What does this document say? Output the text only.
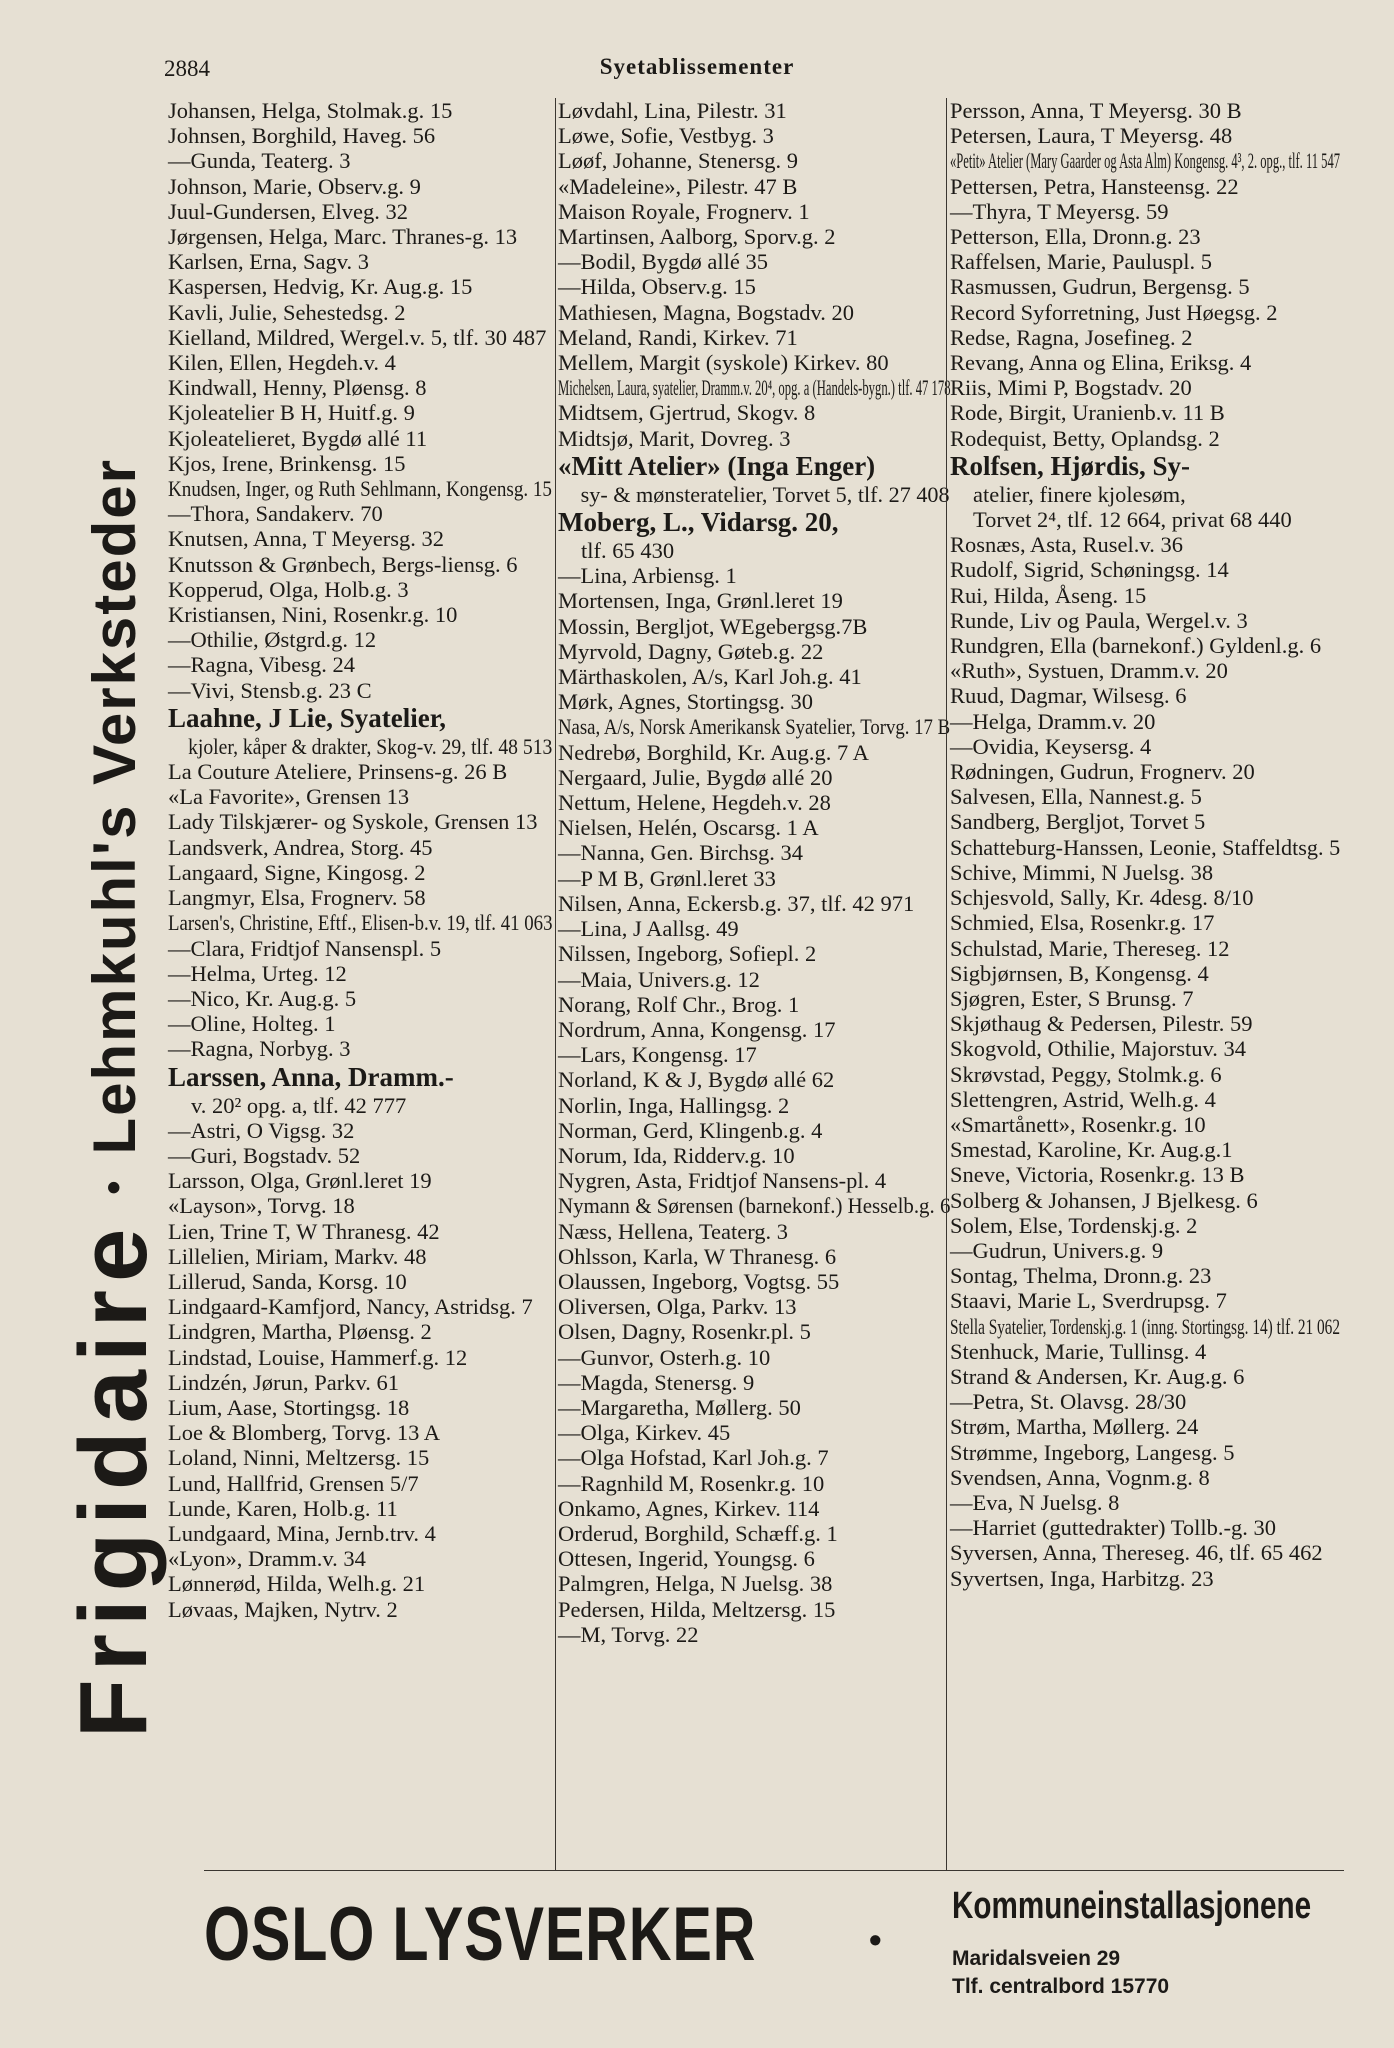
2884	Syetablissementer
Frigidaire
•
Lehmkuhl's Verksteder
Johansen, Helga, Stolmak.g. 15
Johnsen, Borghild, Haveg. 56
—Gunda, Teaterg. 3
Johnson, Marie, Observ.g. 9
Juul-Gundersen, Elveg. 32
Jørgensen, Helga, Marc. Thranes-g. 13
Karlsen, Erna, Sagv. 3
Kaspersen, Hedvig, Kr. Aug.g. 15
Kavli, Julie, Sehestedsg. 2
Kielland, Mildred, Wergel.v. 5, tlf. 30 487
Kilen, Ellen, Hegdeh.v. 4
Kindwall, Henny, Pløensg. 8
Kjoleatelier B H, Huitf.g. 9
Kjoleatelieret, Bygdø allé 11
Kjos, Irene, Brinkensg. 15
Knudsen, Inger, og Ruth Sehlmann, Kongensg. 15
—Thora, Sandakerv. 70
Knutsen, Anna, T Meyersg. 32
Knutsson & Grønbech, Bergs-liensg. 6
Kopperud, Olga, Holb.g. 3
Kristiansen, Nini, Rosenkr.g. 10
—Othilie, Østgrd.g. 12
—Ragna, Vibesg. 24
—Vivi, Stensb.g. 23 C
Laahne, J Lie, Syatelier,
kjoler, kåper & drakter, Skog-v. 29, tlf. 48 513
La Couture Ateliere, Prinsens-g. 26 B
«La Favorite», Grensen 13
Lady Tilskjærer- og Syskole, Grensen 13
Landsverk, Andrea, Storg. 45
Langaard, Signe, Kingosg. 2
Langmyr, Elsa, Frognerv. 58
Larsen's, Christine, Eftf., Elisen-b.v. 19, tlf. 41 063
—Clara, Fridtjof Nansenspl. 5
—Helma, Urteg. 12
—Nico, Kr. Aug.g. 5
—Oline, Holteg. 1
—Ragna, Norbyg. 3
Larssen, Anna, Dramm.-
v. 20² opg. a, tlf. 42 777
—Astri, O Vigsg. 32
—Guri, Bogstadv. 52
Larsson, Olga, Grønl.leret 19
«Layson», Torvg. 18
Lien, Trine T, W Thranesg. 42
Lillelien, Miriam, Markv. 48
Lillerud, Sanda, Korsg. 10
Lindgaard-Kamfjord, Nancy, Astridsg. 7
Lindgren, Martha, Pløensg. 2
Lindstad, Louise, Hammerf.g. 12
Lindzén, Jørun, Parkv. 61
Lium, Aase, Stortingsg. 18
Loe & Blomberg, Torvg. 13 A
Loland, Ninni, Meltzersg. 15
Lund, Hallfrid, Grensen 5/7
Lunde, Karen, Holb.g. 11
Lundgaard, Mina, Jernb.trv. 4
«Lyon», Dramm.v. 34
Lønnerød, Hilda, Welh.g. 21
Løvaas, Majken, Nytrv. 2
Løvdahl, Lina, Pilestr. 31
Løwe, Sofie, Vestbyg. 3
Løøf, Johanne, Stenersg. 9
«Madeleine», Pilestr. 47 B
Maison Royale, Frognerv. 1
Martinsen, Aalborg, Sporv.g. 2
—Bodil, Bygdø allé 35
—Hilda, Observ.g. 15
Mathiesen, Magna, Bogstadv. 20
Meland, Randi, Kirkev. 71
Mellem, Margit (syskole) Kirkev. 80
Michelsen, Laura, syatelier, Dramm.v. 20⁴, opg. a (Handels-bygn.) tlf. 47 178
Midtsem, Gjertrud, Skogv. 8
Midtsjø, Marit, Dovreg. 3
«Mitt Atelier» (Inga Enger)
sy- & mønsteratelier, Torvet 5, tlf. 27 408
Moberg, L., Vidarsg. 20,
tlf. 65 430
—Lina, Arbiensg. 1
Mortensen, Inga, Grønl.leret 19
Mossin, Bergljot, WEgebergsg.7B
Myrvold, Dagny, Gøteb.g. 22
Märthaskolen, A/s, Karl Joh.g. 41
Mørk, Agnes, Stortingsg. 30
Nasa, A/s, Norsk Amerikansk Syatelier, Torvg. 17 B
Nedrebø, Borghild, Kr. Aug.g. 7 A
Nergaard, Julie, Bygdø allé 20
Nettum, Helene, Hegdeh.v. 28
Nielsen, Helén, Oscarsg. 1 A
—Nanna, Gen. Birchsg. 34
—P M B, Grønl.leret 33
Nilsen, Anna, Eckersb.g. 37, tlf. 42 971
—Lina, J Aallsg. 49
Nilssen, Ingeborg, Sofiepl. 2
—Maia, Univers.g. 12
Norang, Rolf Chr., Brog. 1
Nordrum, Anna, Kongensg. 17
—Lars, Kongensg. 17
Norland, K & J, Bygdø allé 62
Norlin, Inga, Hallingsg. 2
Norman, Gerd, Klingenb.g. 4
Norum, Ida, Ridderv.g. 10
Nygren, Asta, Fridtjof Nansens-pl. 4
Nymann & Sørensen (barnekonf.) Hesselb.g. 6
Næss, Hellena, Teaterg. 3
Ohlsson, Karla, W Thranesg. 6
Olaussen, Ingeborg, Vogtsg. 55
Oliversen, Olga, Parkv. 13
Olsen, Dagny, Rosenkr.pl. 5
—Gunvor, Osterh.g. 10
—Magda, Stenersg. 9
—Margaretha, Møllerg. 50
—Olga, Kirkev. 45
—Olga Hofstad, Karl Joh.g. 7
—Ragnhild M, Rosenkr.g. 10
Onkamo, Agnes, Kirkev. 114
Orderud, Borghild, Schæff.g. 1
Ottesen, Ingerid, Youngsg. 6
Palmgren, Helga, N Juelsg. 38
Pedersen, Hilda, Meltzersg. 15
—M, Torvg. 22
Persson, Anna, T Meyersg. 30 B
Petersen, Laura, T Meyersg. 48
«Petit» Atelier (Mary Gaarder og Asta Alm) Kongensg. 4³, 2. opg., tlf. 11 547
Pettersen, Petra, Hansteensg. 22
—Thyra, T Meyersg. 59
Petterson, Ella, Dronn.g. 23
Raffelsen, Marie, Pauluspl. 5
Rasmussen, Gudrun, Bergensg. 5
Record Syforretning, Just Høegsg. 2
Redse, Ragna, Josefineg. 2
Revang, Anna og Elina, Eriksg. 4
Riis, Mimi P, Bogstadv. 20
Rode, Birgit, Uranienb.v. 11 B
Rodequist, Betty, Oplandsg. 2
Rolfsen, Hjørdis, Sy-
atelier, finere kjolesøm,
Torvet 2⁴, tlf. 12 664, privat 68 440
Rosnæs, Asta, Rusel.v. 36
Rudolf, Sigrid, Schøningsg. 14
Rui, Hilda, Åseng. 15
Runde, Liv og Paula, Wergel.v. 3
Rundgren, Ella (barnekonf.) Gyldenl.g. 6
«Ruth», Systuen, Dramm.v. 20
Ruud, Dagmar, Wilsesg. 6
—Helga, Dramm.v. 20
—Ovidia, Keysersg. 4
Rødningen, Gudrun, Frognerv. 20
Salvesen, Ella, Nannest.g. 5
Sandberg, Bergljot, Torvet 5
Schatteburg-Hanssen, Leonie, Staffeldtsg. 5
Schive, Mimmi, N Juelsg. 38
Schjesvold, Sally, Kr. 4desg. 8/10
Schmied, Elsa, Rosenkr.g. 17
Schulstad, Marie, Thereseg. 12
Sigbjørnsen, B, Kongensg. 4
Sjøgren, Ester, S Brunsg. 7
Skjøthaug & Pedersen, Pilestr. 59
Skogvold, Othilie, Majorstuv. 34
Skrøvstad, Peggy, Stolmk.g. 6
Slettengren, Astrid, Welh.g. 4
«Smartånett», Rosenkr.g. 10
Smestad, Karoline, Kr. Aug.g.1
Sneve, Victoria, Rosenkr.g. 13 B
Solberg & Johansen, J Bjelkesg. 6
Solem, Else, Tordenskj.g. 2
—Gudrun, Univers.g. 9
Sontag, Thelma, Dronn.g. 23
Staavi, Marie L, Sverdrupsg. 7
Stella Syatelier, Tordenskj.g. 1 (inng. Stortingsg. 14) tlf. 21 062
Stenhuck, Marie, Tullinsg. 4
Strand & Andersen, Kr. Aug.g. 6
—Petra, St. Olavsg. 28/30
Strøm, Martha, Møllerg. 24
Strømme, Ingeborg, Langesg. 5
Svendsen, Anna, Vognm.g. 8
—Eva, N Juelsg. 8
—Harriet (guttedrakter) Tollb.-g. 30
Syversen, Anna, Thereseg. 46, tlf. 65 462
Syvertsen, Inga, Harbitzg. 23
OSLO LYSVERKER	•
Kommuneinstallasjonene
Maridalsveien 29
Tlf. centralbord 15770
